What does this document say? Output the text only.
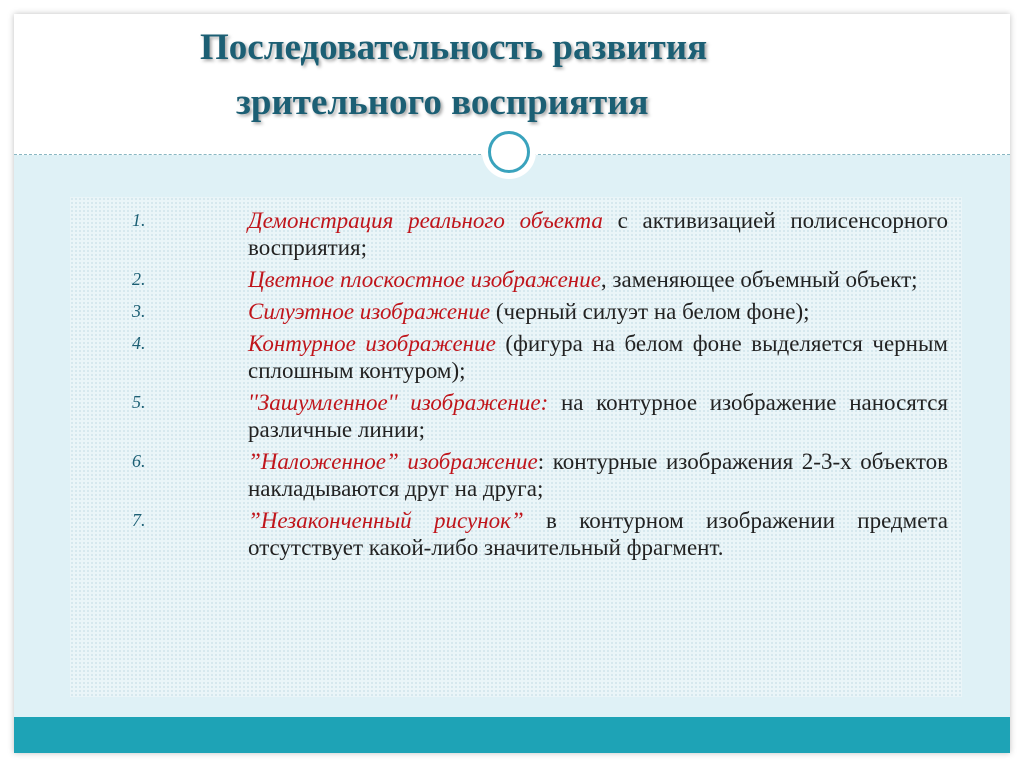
Последовательность развития
зрительного восприятия
1.	Демонстрация реального объекта с активизацией полисенсорного восприятия;
2.	Цветное плоскостное изображение, заменяющее объемный объект;
3.	Силуэтное изображение (черный силуэт на белом фоне);
4.	Контурное изображение (фигура на белом фоне выделяется черным сплошным контуром);
5.	''Зашумленное'' изображение: на контурное изображение наносятся различные линии;
6.	”Наложенное” изображение: контурные изображения 2-3-х объектов накладываются друг на друга;
7.	”Незаконченный рисунок” в контурном изображении предмета отсутствует какой-либо значительный фрагмент.
